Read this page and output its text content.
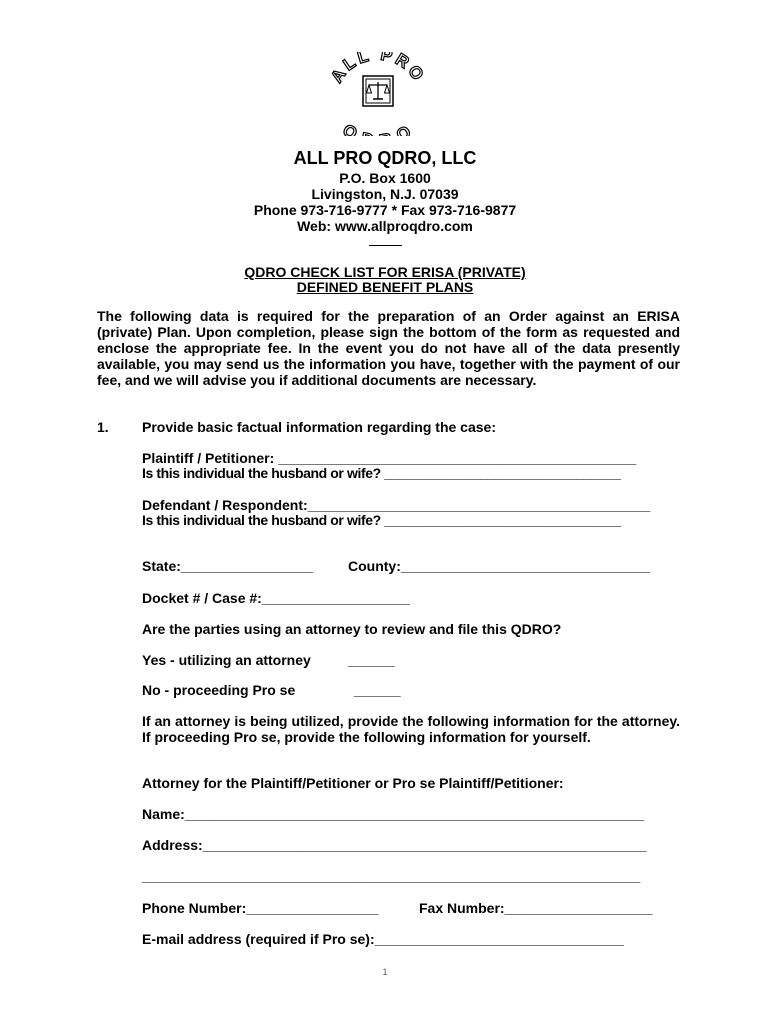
ALL PRO
Q O
ALL PRO QDRO, LLC
P.O. Box 1600
Livingston, N.J. 07039
Phone 973-716-9777 * Fax 973-716-9877
Web: www.allproqdro.com
QDRO CHECK LIST FOR ERISA (PRIVATE)
DEFINED BENEFIT PLANS
The following data is required for the preparation of an Order against an ERISA (private) Plan. Upon completion, please sign the bottom of the form as requested and enclose the appropriate fee. In the event you do not have all of the data presently available, you may send us the information you have, together with the payment of our fee, and we will advise you if additional documents are necessary.
1. Provide basic factual information regarding the case:
Plaintiff / Petitioner: ______________________________________________
Is this individual the husband or wife? ________________________________
Defendant / Respondent:____________________________________________
Is this individual the husband or wife? ________________________________
State:_________________ County:________________________________
Docket # / Case #:___________________
Are the parties using an attorney to review and file this QDRO?
Yes - utilizing an attorney	______
No - proceeding Pro se	______
If an attorney is being utilized, provide the following information for the attorney. If proceeding Pro se, provide the following information for yourself.
Attorney for the Plaintiff/Petitioner or Pro se Plaintiff/Petitioner:
Name:___________________________________________________________
Address:_________________________________________________________
________________________________________________________________
Phone Number:_________________	Fax Number:___________________
E-mail address (required if Pro se):________________________________
1
